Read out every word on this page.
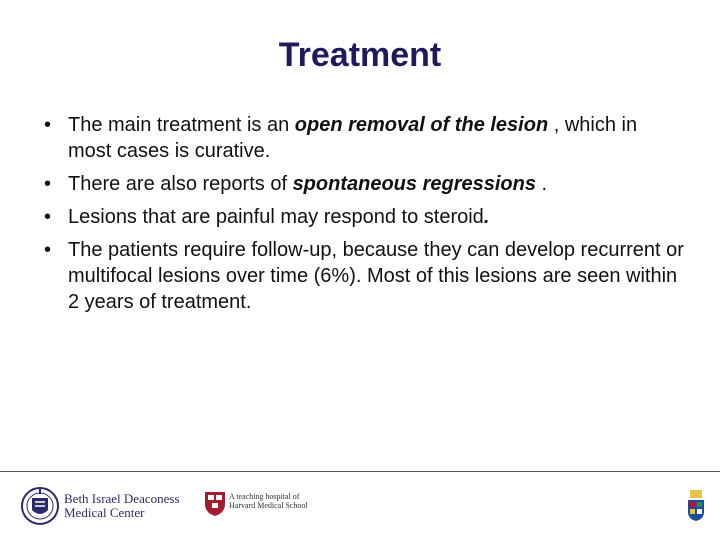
Treatment
• The main treatment is an open removal of the lesion , which in most cases is curative.
• There are also reports of spontaneous regressions .
• Lesions that are painful may respond to steroid.
• The patients require follow-up, because they can develop recurrent or multifocal lesions over time (6%). Most of this lesions are seen within 2 years of treatment.
Beth Israel Deaconess
Medical Center
A teaching hospital of
Harvard Medical School
